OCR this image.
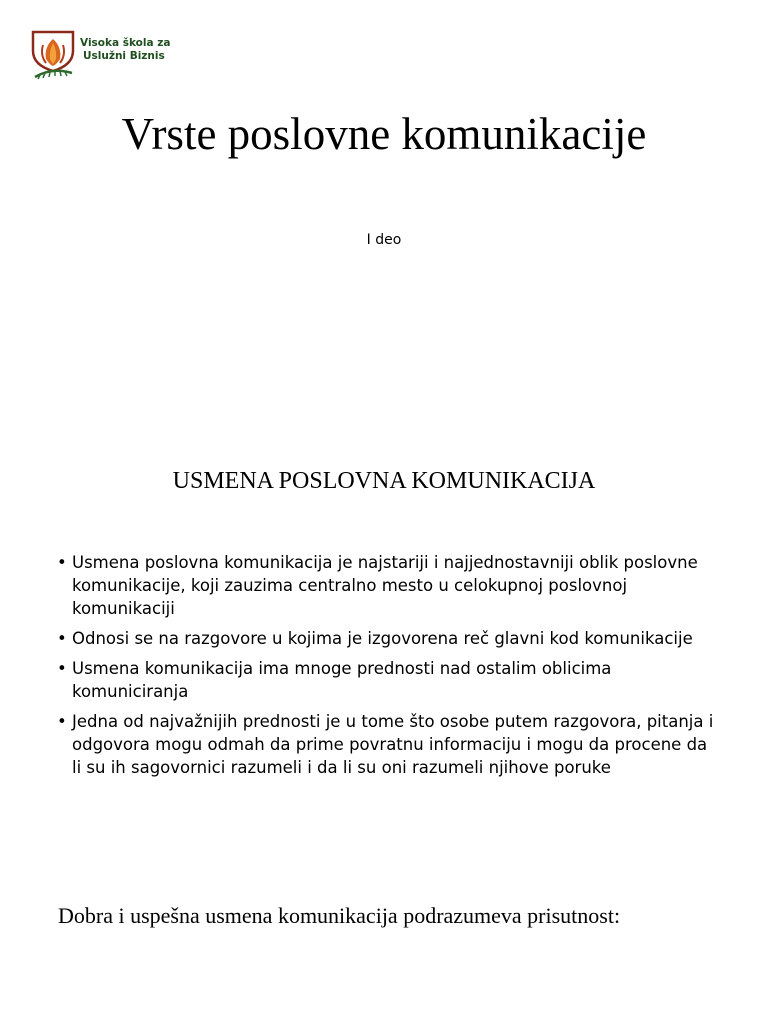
Visoka škola za
Uslužni Biznis
Vrste poslovne komunikacije
I deo
USMENA POSLOVNA KOMUNIKACIJA
• Usmena poslovna komunikacija je najstariji i najjednostavniji oblik poslovne komunikacije, koji zauzima centralno mesto u celokupnoj poslovnoj komunikaciji
• Odnosi se na razgovore u kojima je izgovorena reč glavni kod komunikacije
• Usmena komunikacija ima mnoge prednosti nad ostalim oblicima komuniciranja
• Jedna od najvažnijih prednosti je u tome što osobe putem razgovora, pitanja i odgovora mogu odmah da prime povratnu informaciju i mogu da procene da li su ih sagovornici razumeli i da li su oni razumeli njihove poruke
Dobra i uspešna usmena komunikacija podrazumeva prisutnost:
